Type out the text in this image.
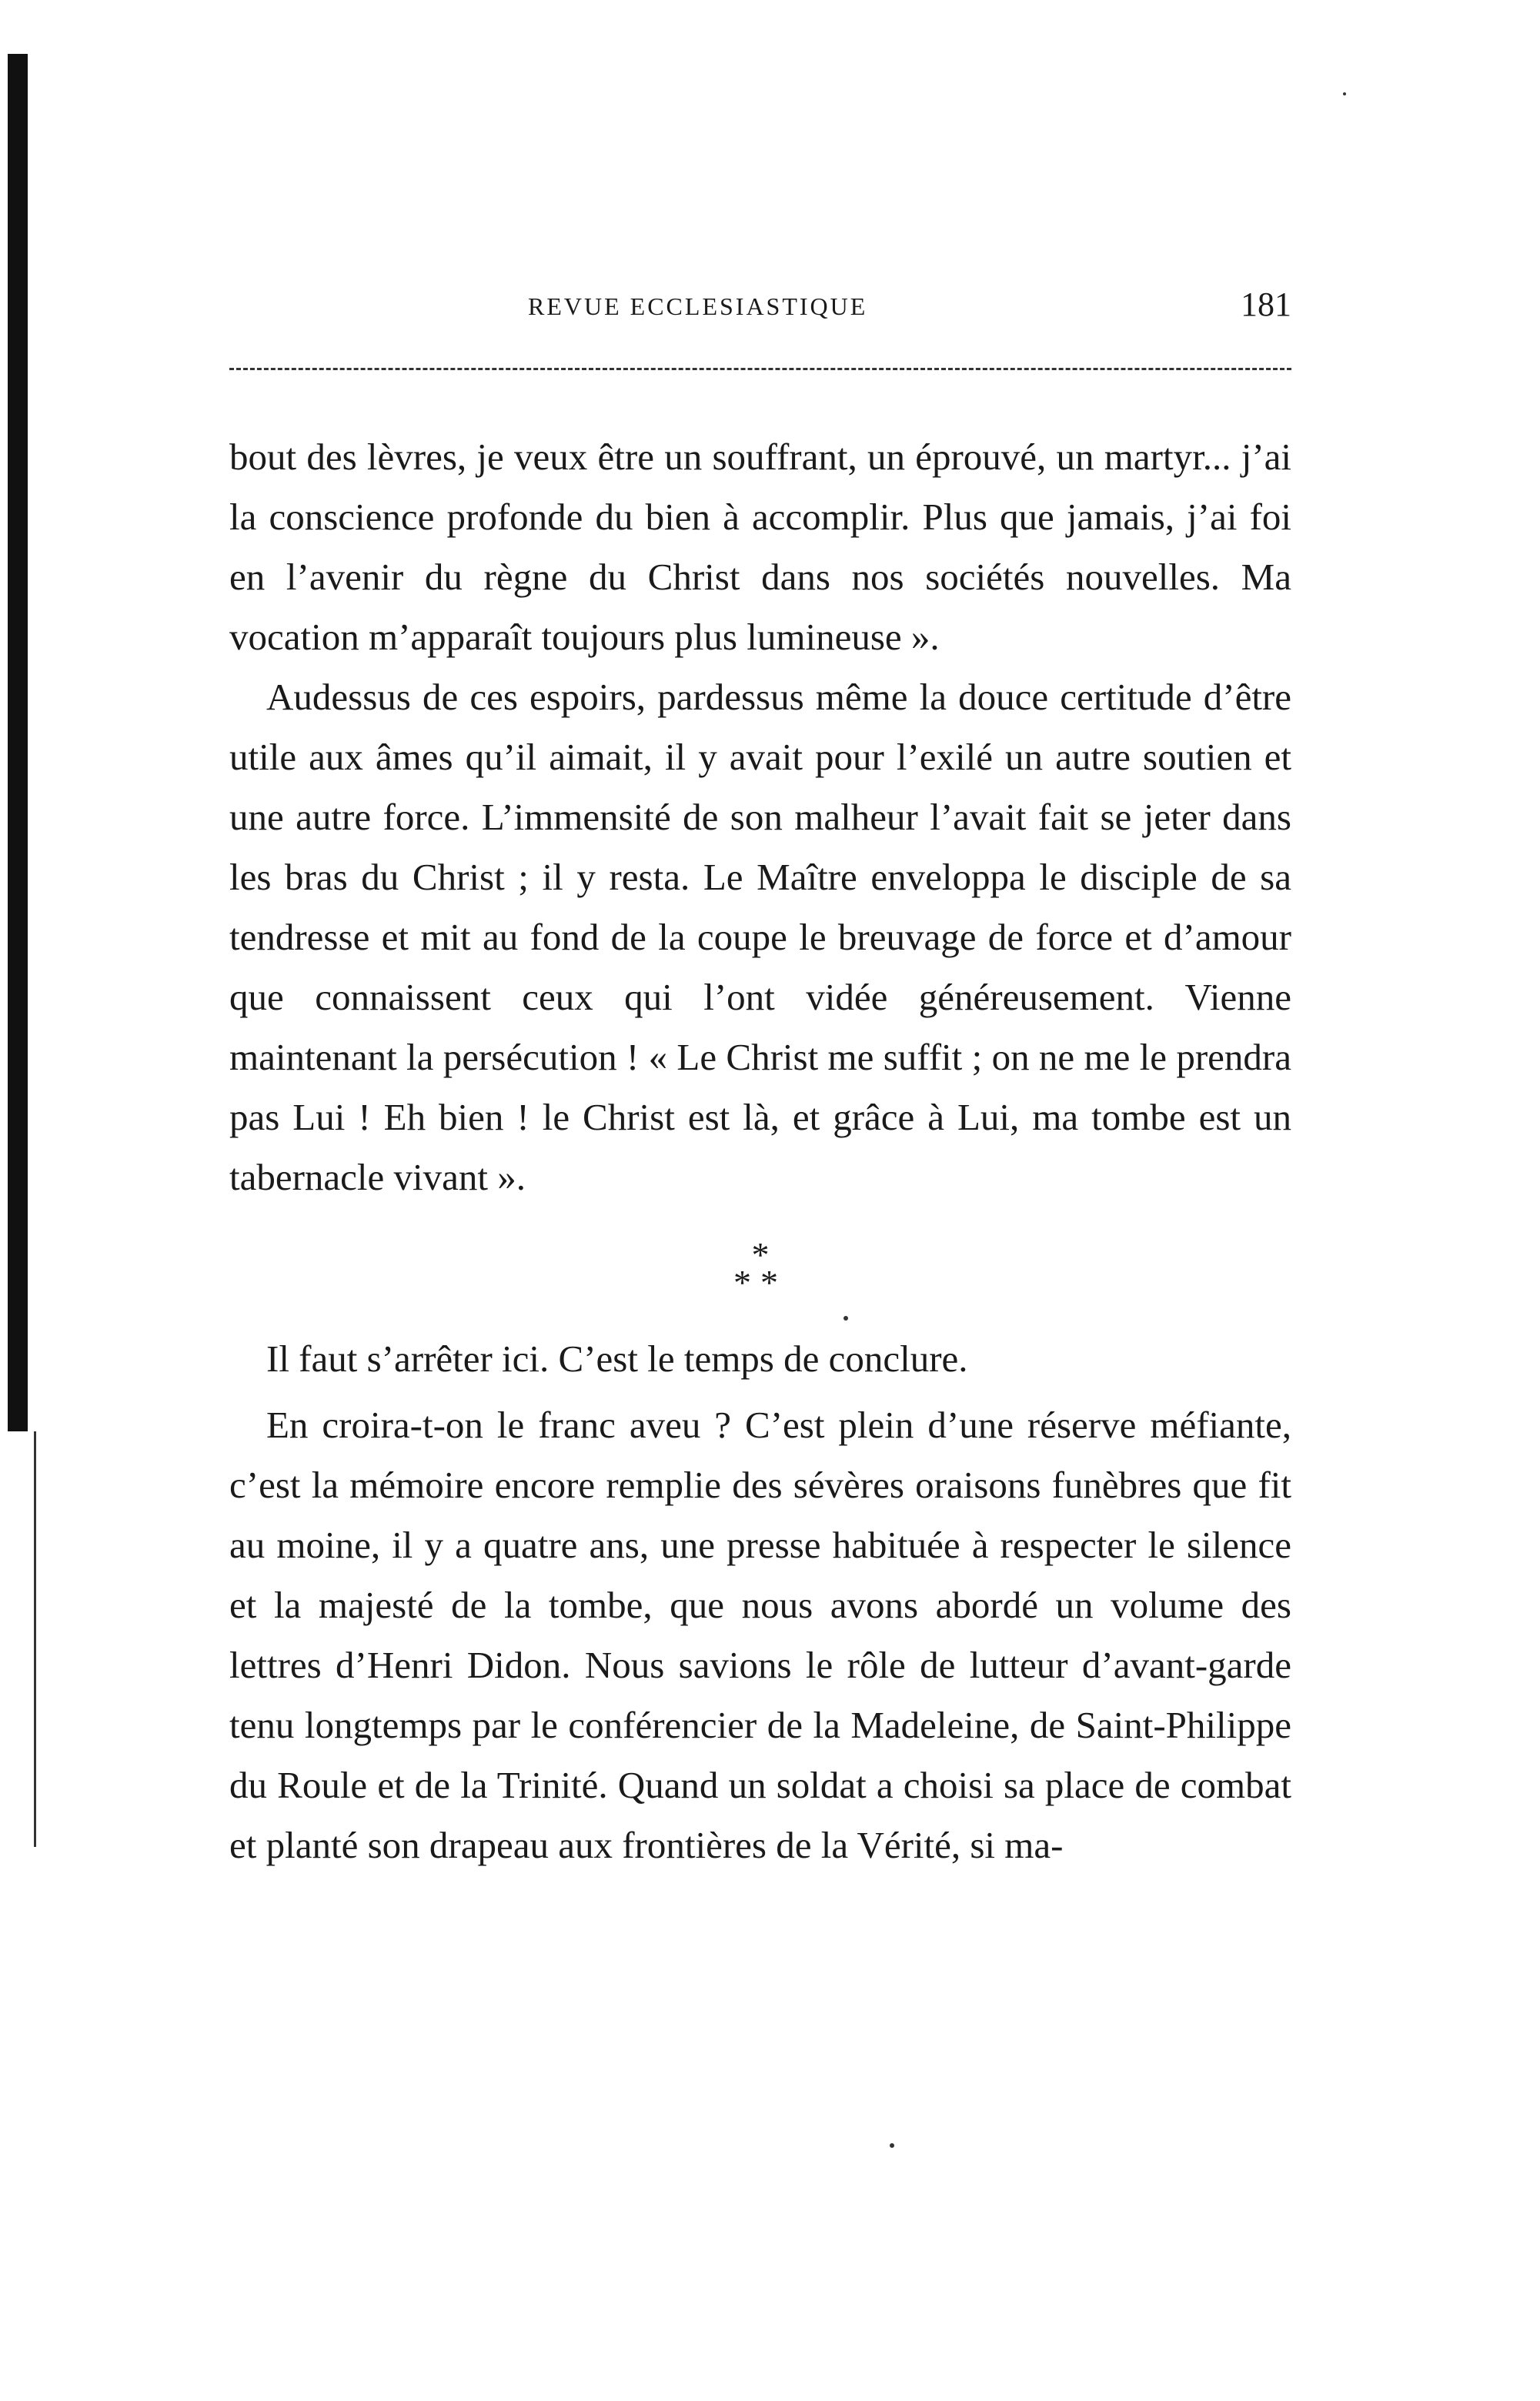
REVUE ECCLESIASTIQUE	181

bout des lèvres, je veux être un souffrant, un éprouvé, un martyr... j’ai la conscience profonde du bien à accomplir. Plus que jamais, j’ai foi en l’avenir du règne du Christ dans nos sociétés nouvelles. Ma vocation m’apparaît toujours plus lumineuse ».

Audessus de ces espoirs, pardessus même la douce certitude d’être utile aux âmes qu’il aimait, il y avait pour l’exilé un autre soutien et une autre force. L’immensité de son malheur l’avait fait se jeter dans les bras du Christ ; il y resta. Le Maître enveloppa le disciple de sa tendresse et mit au fond de la coupe le breuvage de force et d’amour que connaissent ceux qui l’ont vidée généreusement. Vienne maintenant la persécution ! « Le Christ me suffit ; on ne me le prendra pas Lui ! Eh bien ! le Christ est là, et grâce à Lui, ma tombe est un tabernacle vivant ».

*
**

Il faut s’arrêter ici. C’est le temps de conclure.

En croira-t-on le franc aveu ? C’est plein d’une réserve méfiante, c’est la mémoire encore remplie des sévères oraisons funèbres que fit au moine, il y a quatre ans, une presse habituée à respecter le silence et la majesté de la tombe, que nous avons abordé un volume des lettres d’Henri Didon. Nous savions le rôle de lutteur d’avant-garde tenu longtemps par le conférencier de la Madeleine, de Saint-Philippe du Roule et de la Trinité. Quand un soldat a choisi sa place de combat et planté son drapeau aux frontières de la Vérité, si ma-
